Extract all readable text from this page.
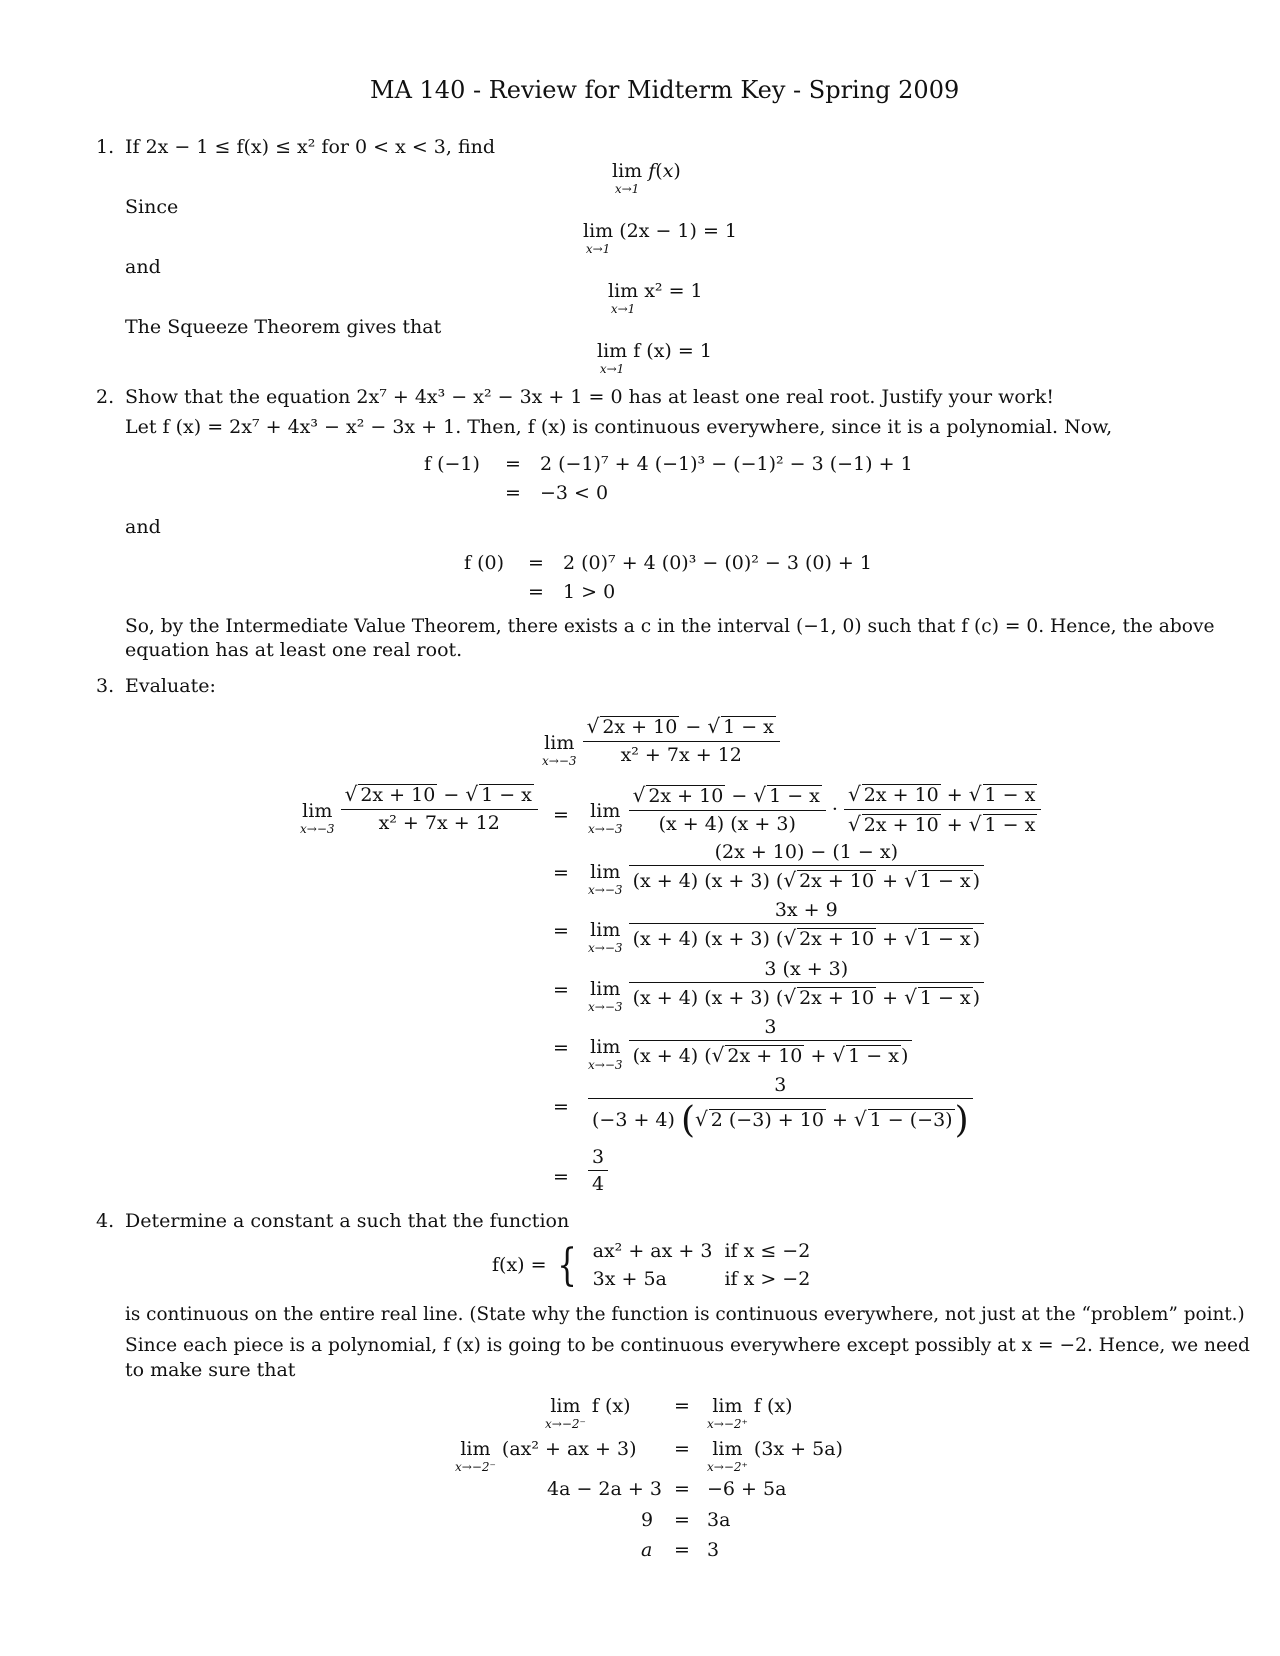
MA 140 - Review for Midterm Key - Spring 2009
1. If 2x − 1 ≤ f(x) ≤ x² for 0 < x < 3, find
lim
x→1
f(x)
Since
lim
x→1
(2x − 1) = 1
and
lim
x→1
x² = 1
The Squeeze Theorem gives that
lim
x→1
f (x) = 1
2. Show that the equation 2x⁷ + 4x³ − x² − 3x + 1 = 0 has at least one real root. Justify your work!
Let f (x) = 2x⁷ + 4x³ − x² − 3x + 1. Then, f (x) is continuous everywhere, since it is a polynomial. Now,
f (−1) = 2 (−1)⁷ + 4 (−1)³ − (−1)² − 3 (−1) + 1
= −3 < 0
and
f (0) = 2 (0)⁷ + 4 (0)³ − (0)² − 3 (0) + 1
= 1 > 0
So, by the Intermediate Value Theorem, there exists a c in the interval (−1, 0) such that f (c) = 0. Hence, the above
equation has at least one real root.
3. Evaluate:
lim
x→−3
$\frac{√ 2x + 10 - √ 1 - x}{\text{x² + 7x + 12}}$
lim
x→−3
$\frac{√ 2x + 10 - √ 1 - x}{\text{x² + 7x + 12}} = \lim$
x→−3
$\frac{√ 2x + 10 - √ 1 - x}{(x + 4) (x + 3)} \cdot \frac{√ 2x + 10 + √ 1 - x}{√ 2x + 10 + √ 1 - x}$
= lim
x→−3
$\frac{(2x + 10) - (1 - x)}{(x + 4) (x + 3) (√ 2x + 10 + √ 1 - x )}$
= lim
x→−3
$\frac{3x + 9}{(x + 4) (x + 3) (√ 2x + 10 + √ 1 - x )}$
= lim
x→−3
$\frac{3 (x + 3)}{(x + 4) (x + 3) (√ 2x + 10 + √ 1 - x )}$
= lim
x→−3
$\frac{3}{(x + 4) (√ 2x + 10 + √ 1 - x )}$
= $\frac{3}{(-3 + 4) (√ 2 (-3) + 10 + √ 1 - (-3))}$
= $\frac{3}{4}$
4. Determine a constant a such that the function
f(x) = { ax² + ax + 3	if x ≤ −2
3x + 5a	if x > −2
is continuous on the entire real line. (State why the function is continuous everywhere, not just at the “problem” point.)
Since each piece is a polynomial, f (x) is going to be continuous everywhere except possibly at x = −2. Hence, we need
to make sure that
lim
x→−2⁻
f (x) = lim
x→−2⁺
f (x)
lim
x→−2⁻
(ax² + ax + 3) = lim
x→−2⁺
(3x + 5a)
4a − 2a + 3 = −6 + 5a
9 = 3a
a = 3
